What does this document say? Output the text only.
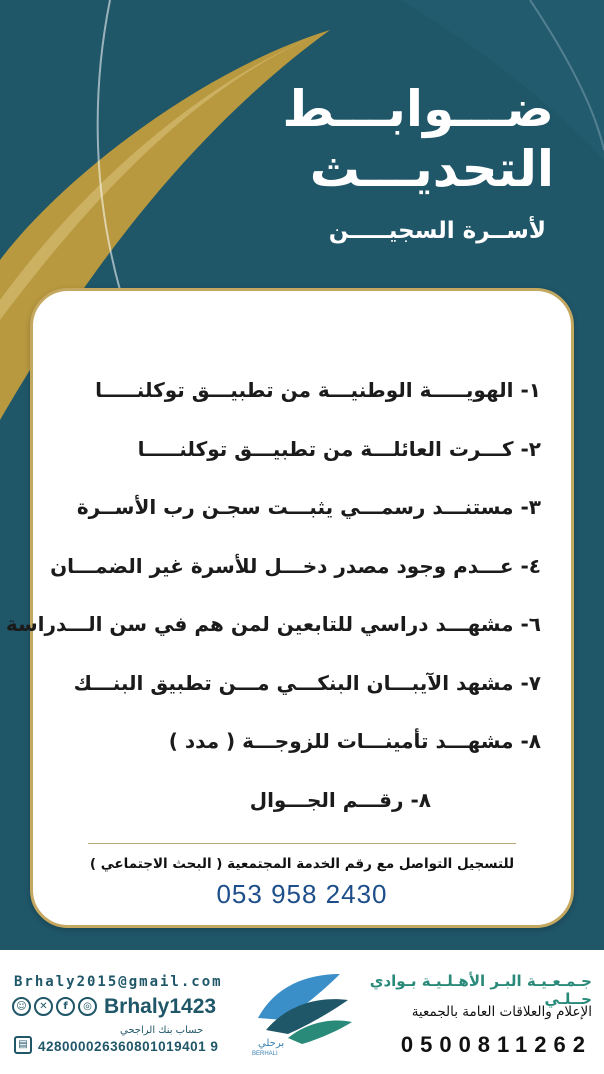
ضـــوابـــط
التحديـــث
لأســرة السجيـــــن
١- الهويـــــة الوطنيـــة من تطبيـــق توكلنـــــا
٢- كـــرت العائلـــة من تطبيـــق توكلنـــــا
٣- مستنـــد رسمـــي يثبـــت سجـن رب الأســرة
٤- عـــدم وجود مصدر دخـــل للأسرة غير الضمـــان
٦- مشهـــد دراسي للتابعين لمن هم في سن الـــدراسة
٧- مشهد الآيبـــان البنكـــي مـــن تطبيق البنـــك
٨- مشهـــد تأمينـــات للزوجـــة ( مدد )
٨- رقـــم الجـــوال
للتسجيل التواصل مع رقم الخدمة المجتمعية ( البحث الاجتماعي )
053 958 2430
Brhaly2015@gmail.com
☺	✕	f	◎ Brhaly1423
حساب بنك الراجحي
▤ 428000026360801019401 9	برحلي
BERHALI
جـمـعـيـة البـر الأهـلـيـة بـوادي حــلـي
الإعلام والعلاقات العامة بالجمعية
0500811262
